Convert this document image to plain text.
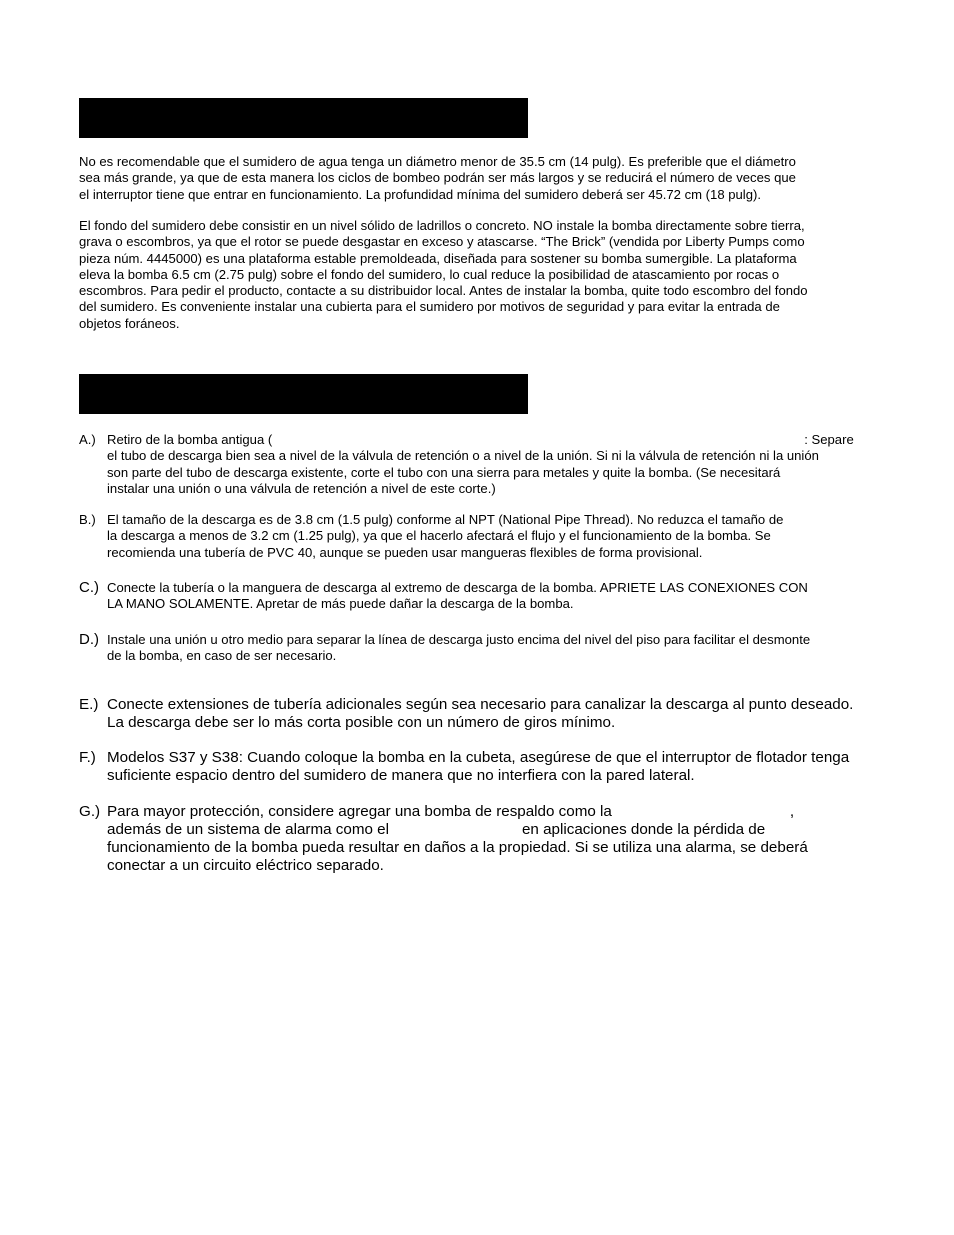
No es recomendable que el sumidero de agua tenga un diámetro menor de 35.5 cm (14 pulg). Es preferible que el diámetro
sea más grande, ya que de esta manera los ciclos de bombeo podrán ser más largos y se reducirá el número de veces que
el interruptor tiene que entrar en funcionamiento. La profundidad mínima del sumidero deberá ser 45.72 cm (18 pulg).

El fondo del sumidero debe consistir en un nivel sólido de ladrillos o concreto. NO instale la bomba directamente sobre tierra,
grava o escombros, ya que el rotor se puede desgastar en exceso y atascarse. “The Brick” (vendida por Liberty Pumps como
pieza núm. 4445000) es una plataforma estable premoldeada, diseñada para sostener su bomba sumergible. La plataforma
eleva la bomba 6.5 cm (2.75 pulg) sobre el fondo del sumidero, lo cual reduce la posibilidad de atascamiento por rocas o
escombros. Para pedir el producto, contacte a su distribuidor local. Antes de instalar la bomba, quite todo escombro del fondo
del sumidero. Es conveniente instalar una cubierta para el sumidero por motivos de seguridad y para evitar la entrada de
objetos foráneos.

A.) Retiro de la bomba antigua (	: Separe
el tubo de descarga bien sea a nivel de la válvula de retención o a nivel de la unión. Si ni la válvula de retención ni la unión
son parte del tubo de descarga existente, corte el tubo con una sierra para metales y quite la bomba. (Se necesitará
instalar una unión o una válvula de retención a nivel de este corte.)
B.) El tamaño de la descarga es de 3.8 cm (1.5 pulg) conforme al NPT (National Pipe Thread). No reduzca el tamaño de
la descarga a menos de 3.2 cm (1.25 pulg), ya que el hacerlo afectará el flujo y el funcionamiento de la bomba. Se
recomienda una tubería de PVC 40, aunque se pueden usar mangueras flexibles de forma provisional.
C.) Conecte la tubería o la manguera de descarga al extremo de descarga de la bomba. APRIETE LAS CONEXIONES CON
LA MANO SOLAMENTE. Apretar de más puede dañar la descarga de la bomba.
D.) Instale una unión u otro medio para separar la línea de descarga justo encima del nivel del piso para facilitar el desmonte
de la bomba, en caso de ser necesario.
E.) Conecte extensiones de tubería adicionales según sea necesario para canalizar la descarga al punto deseado.
La descarga debe ser lo más corta posible con un número de giros mínimo.
F.) Modelos S37 y S38: Cuando coloque la bomba en la cubeta, asegúrese de que el interruptor de flotador tenga
suficiente espacio dentro del sumidero de manera que no interfiera con la pared lateral.
G.) Para mayor protección, considere agregar una bomba de respaldo como la	,
además de un sistema de alarma como el	en aplicaciones donde la pérdida de
funcionamiento de la bomba pueda resultar en daños a la propiedad. Si se utiliza una alarma, se deberá
conectar a un circuito eléctrico separado.
